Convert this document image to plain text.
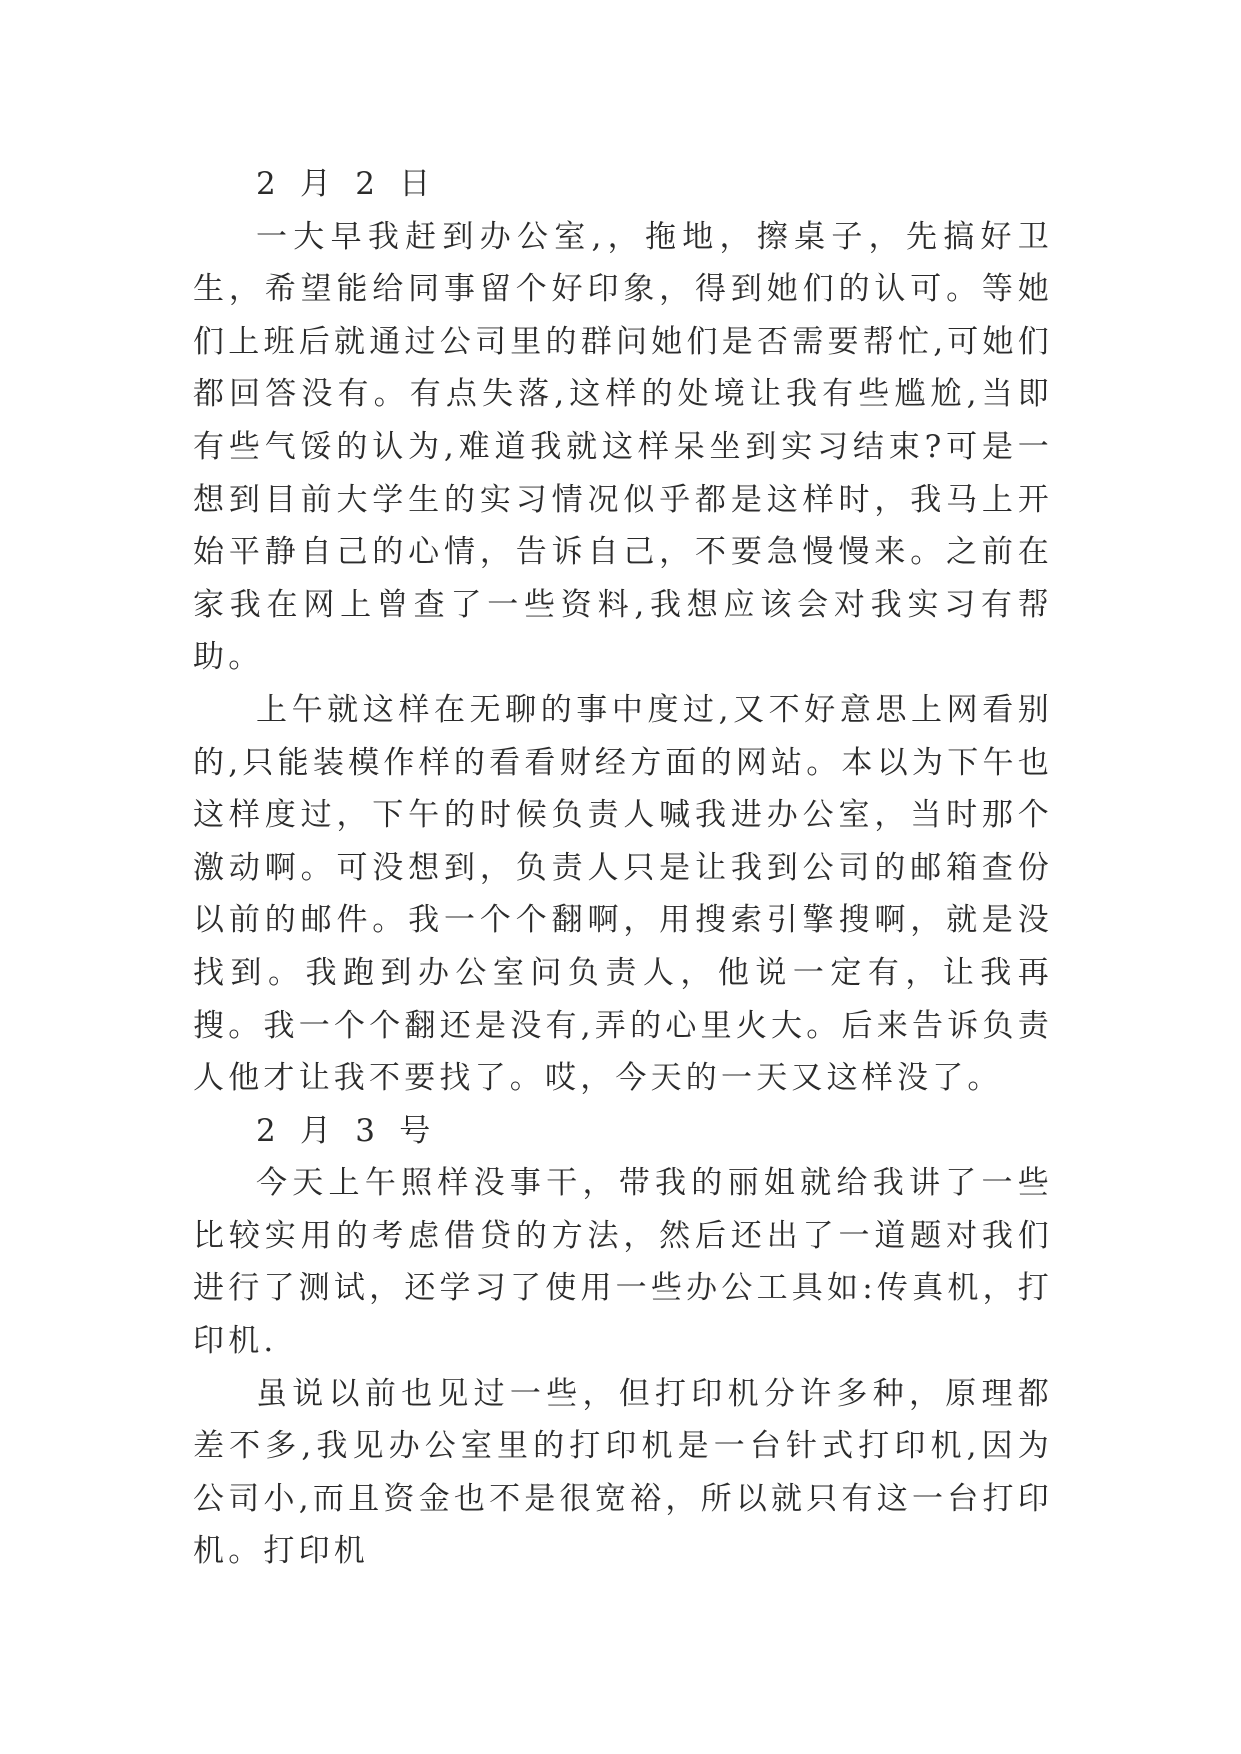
2 月 2 日

一大早我赶到办公室,，拖地，擦桌子，先搞好卫生，希望能给同事留个好印象，得到她们的认可。等她们上班后就通过公司里的群问她们是否需要帮忙,可她们都回答没有。有点失落,这样的处境让我有些尴尬,当即有些气馁的认为,难道我就这样呆坐到实习结束?可是一想到目前大学生的实习情况似乎都是这样时，我马上开始平静自己的心情，告诉自己，不要急慢慢来。之前在家我在网上曾查了一些资料,我想应该会对我实习有帮助。

上午就这样在无聊的事中度过,又不好意思上网看别的,只能装模作样的看看财经方面的网站。本以为下午也这样度过，下午的时候负责人喊我进办公室，当时那个激动啊。可没想到，负责人只是让我到公司的邮箱查份以前的邮件。我一个个翻啊，用搜索引擎搜啊，就是没找到。我跑到办公室问负责人，他说一定有，让我再搜。我一个个翻还是没有,弄的心里火大。后来告诉负责人他才让我不要找了。哎，今天的一天又这样没了。

2 月 3 号

今天上午照样没事干，带我的丽姐就给我讲了一些比较实用的考虑借贷的方法，然后还出了一道题对我们进行了测试，还学习了使用一些办公工具如:传真机，打印机.

虽说以前也见过一些，但打印机分许多种，原理都差不多,我见办公室里的打印机是一台针式打印机,因为公司小,而且资金也不是很宽裕，所以就只有这一台打印机。打印机
